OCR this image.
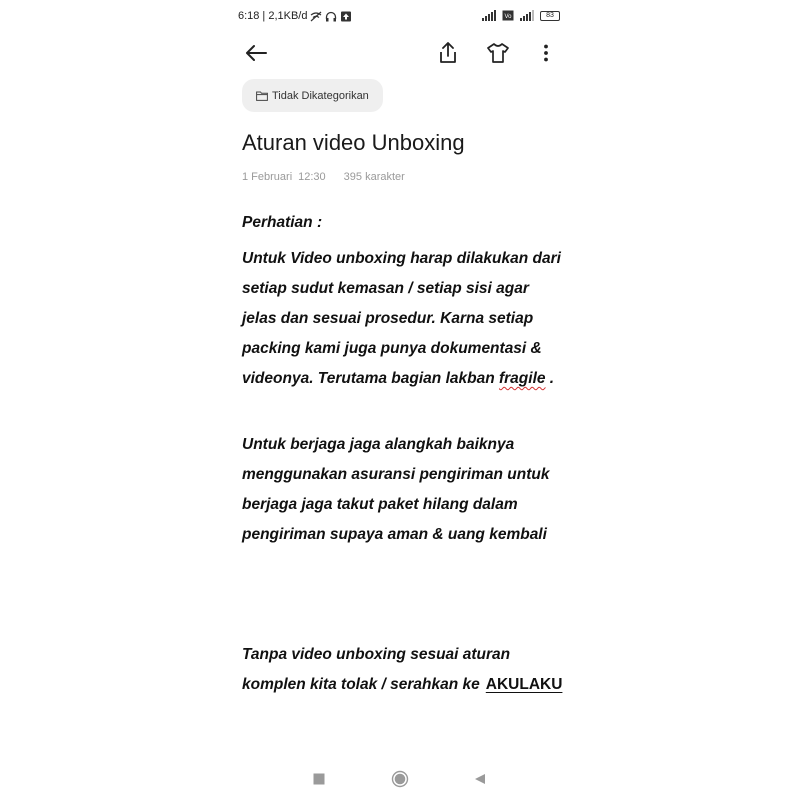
6:18 | 2,1KB/d	Vo	83
Tidak Dikategorikan
Aturan video Unboxing
1 Februari 12:30 395 karakter
Perhatian :
Untuk Video unboxing harap dilakukan dari
setiap sudut kemasan / setiap sisi agar
jelas dan sesuai prosedur. Karna setiap
packing kami juga punya dokumentasi &
videonya. Terutama bagian lakban fragile .
Untuk berjaga jaga alangkah baiknya
menggunakan asuransi pengiriman untuk
berjaga jaga takut paket hilang dalam
pengiriman supaya aman & uang kembali
Tanpa video unboxing sesuai aturan
komplen kita tolak / serahkan ke AKULAKU
